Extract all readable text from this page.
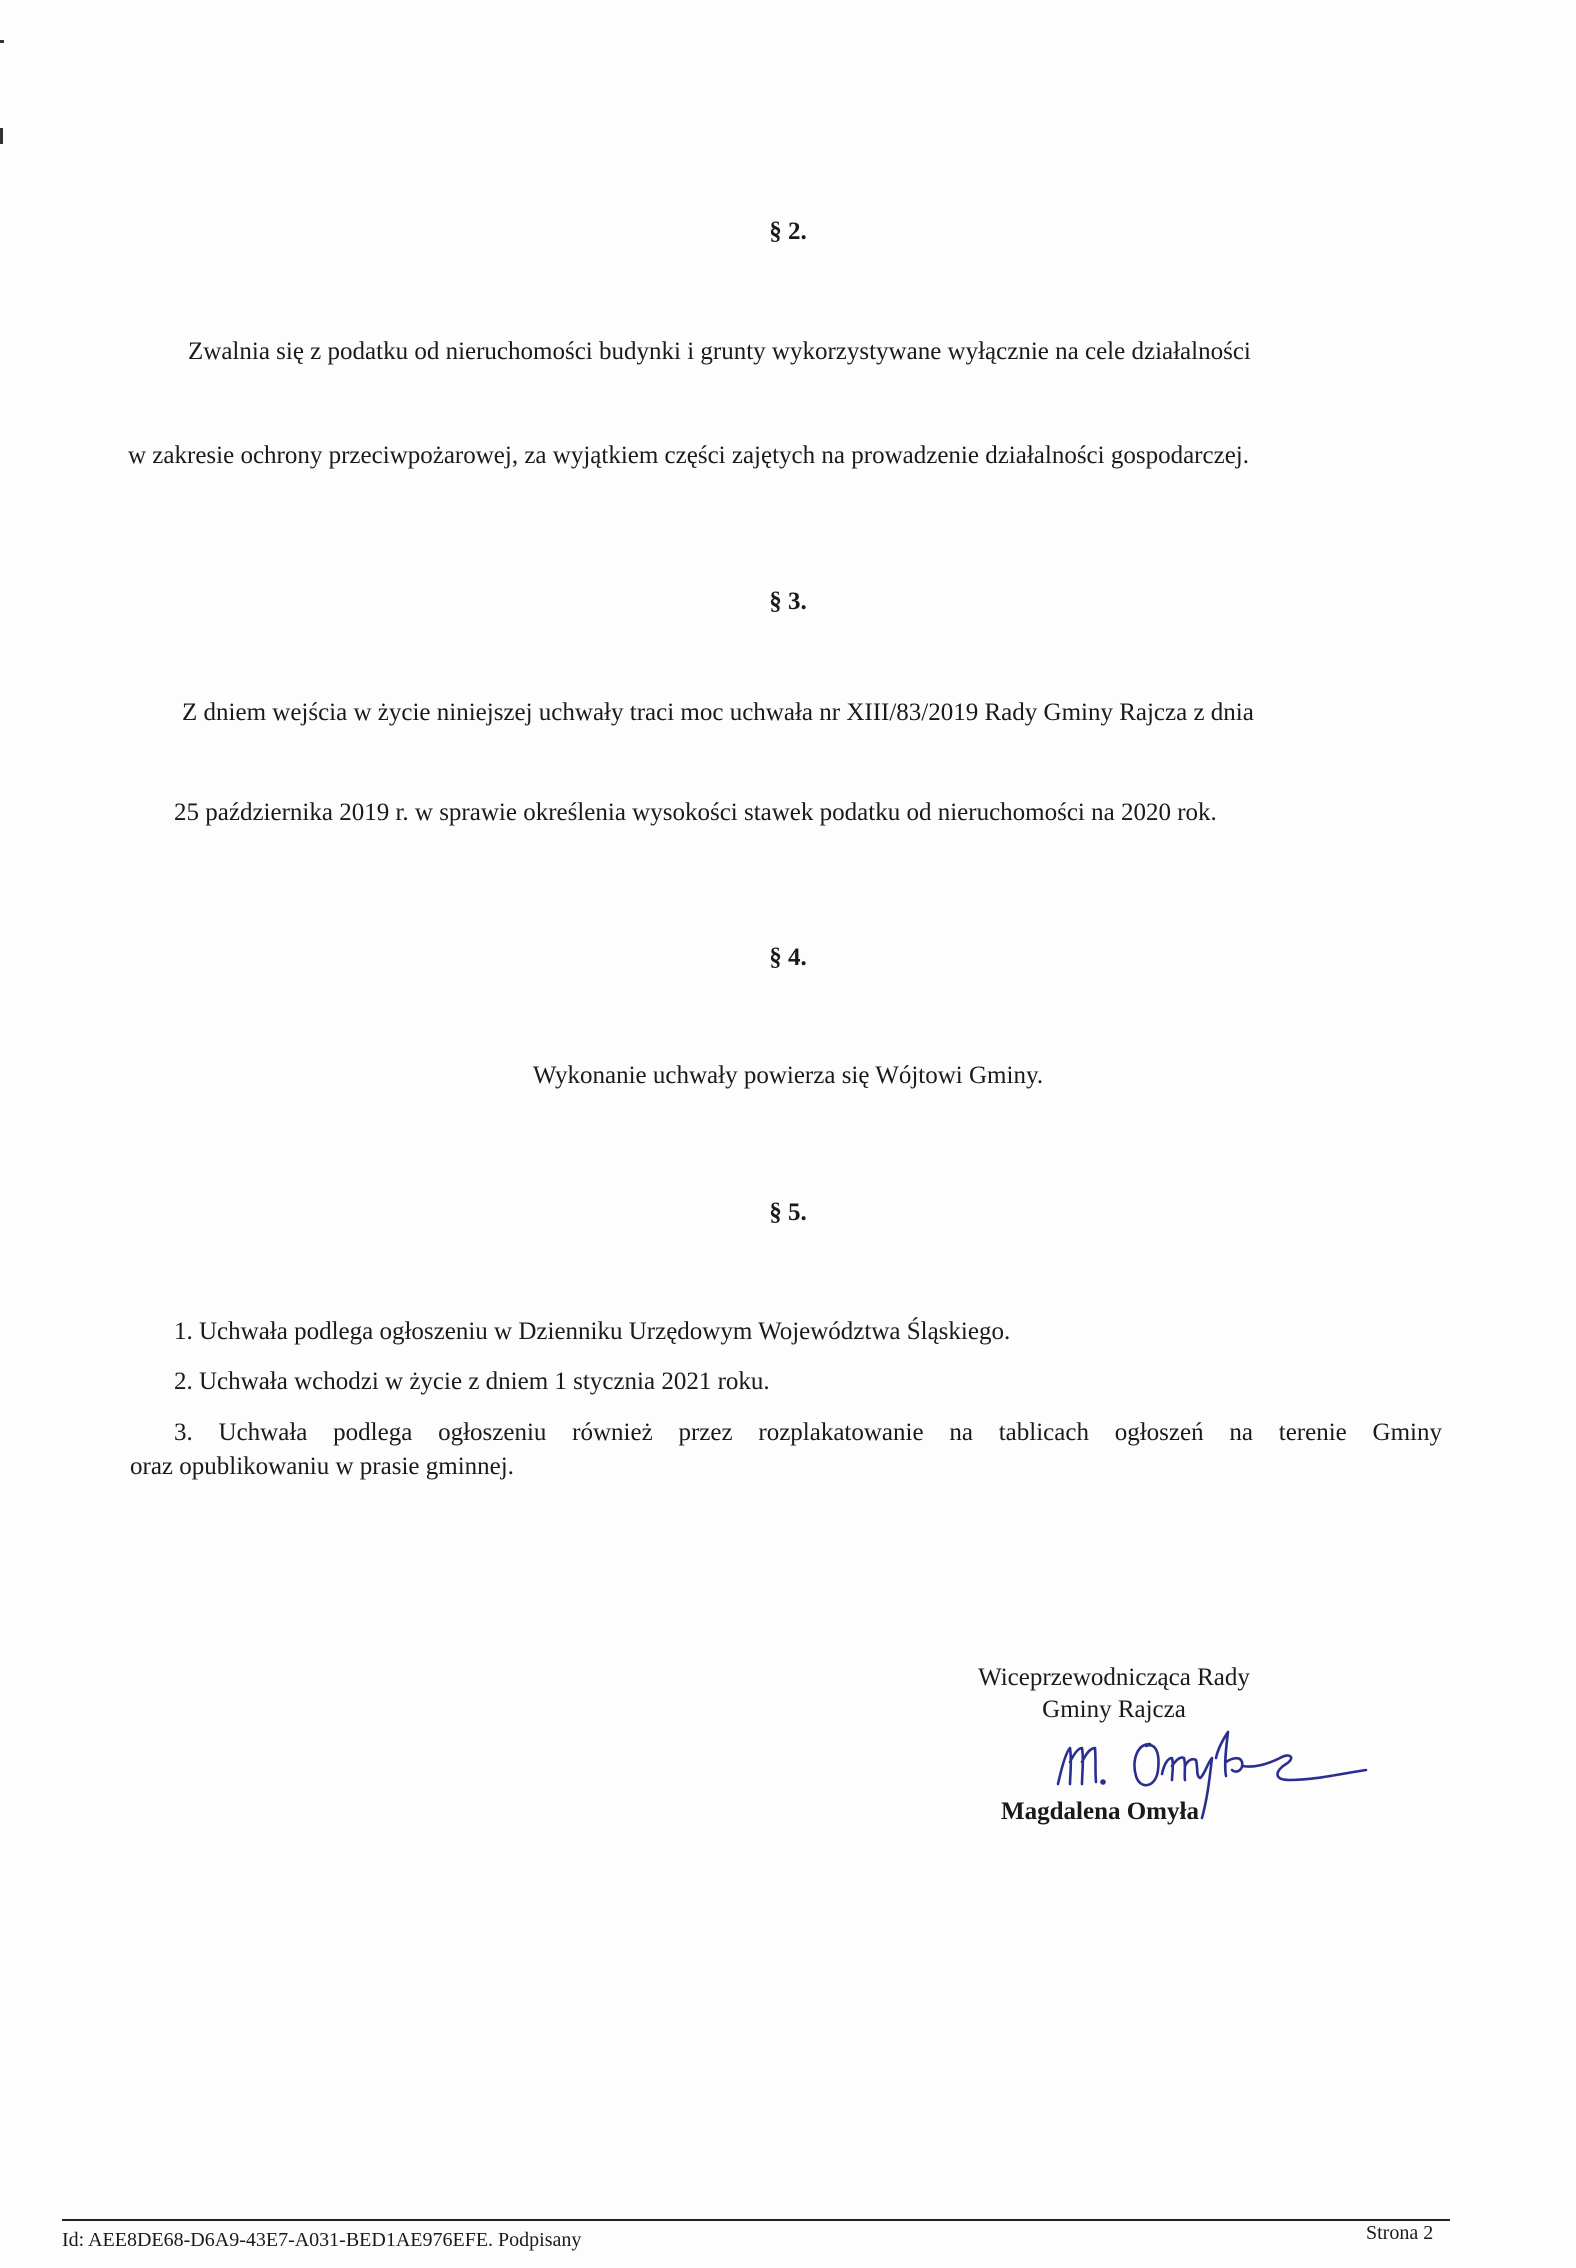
§ 2.
Zwalnia się z podatku od nieruchomości budynki i grunty wykorzystywane wyłącznie na cele działalności
w zakresie ochrony przeciwpożarowej, za wyjątkiem części zajętych na prowadzenie działalności gospodarczej.
§ 3.
Z dniem wejścia w życie niniejszej uchwały traci moc uchwała nr XIII/83/2019 Rady Gminy Rajcza z dnia
25 października 2019 r. w sprawie określenia wysokości stawek podatku od nieruchomości na 2020 rok.
§ 4.
Wykonanie uchwały powierza się Wójtowi Gminy.
§ 5.
1. Uchwała podlega ogłoszeniu w Dzienniku Urzędowym Województwa Śląskiego.
2. Uchwała wchodzi w życie z dniem 1 stycznia 2021 roku.
3. Uchwała podlega ogłoszeniu również przez rozplakatowanie na tablicach ogłoszeń na terenie Gminy
oraz opublikowaniu w prasie gminnej.
Wiceprzewodnicząca Rady
Gminy Rajcza
Magdalena Omyła
Id: AEE8DE68-D6A9-43E7-A031-BED1AE976EFE. Podpisany	Strona 2
